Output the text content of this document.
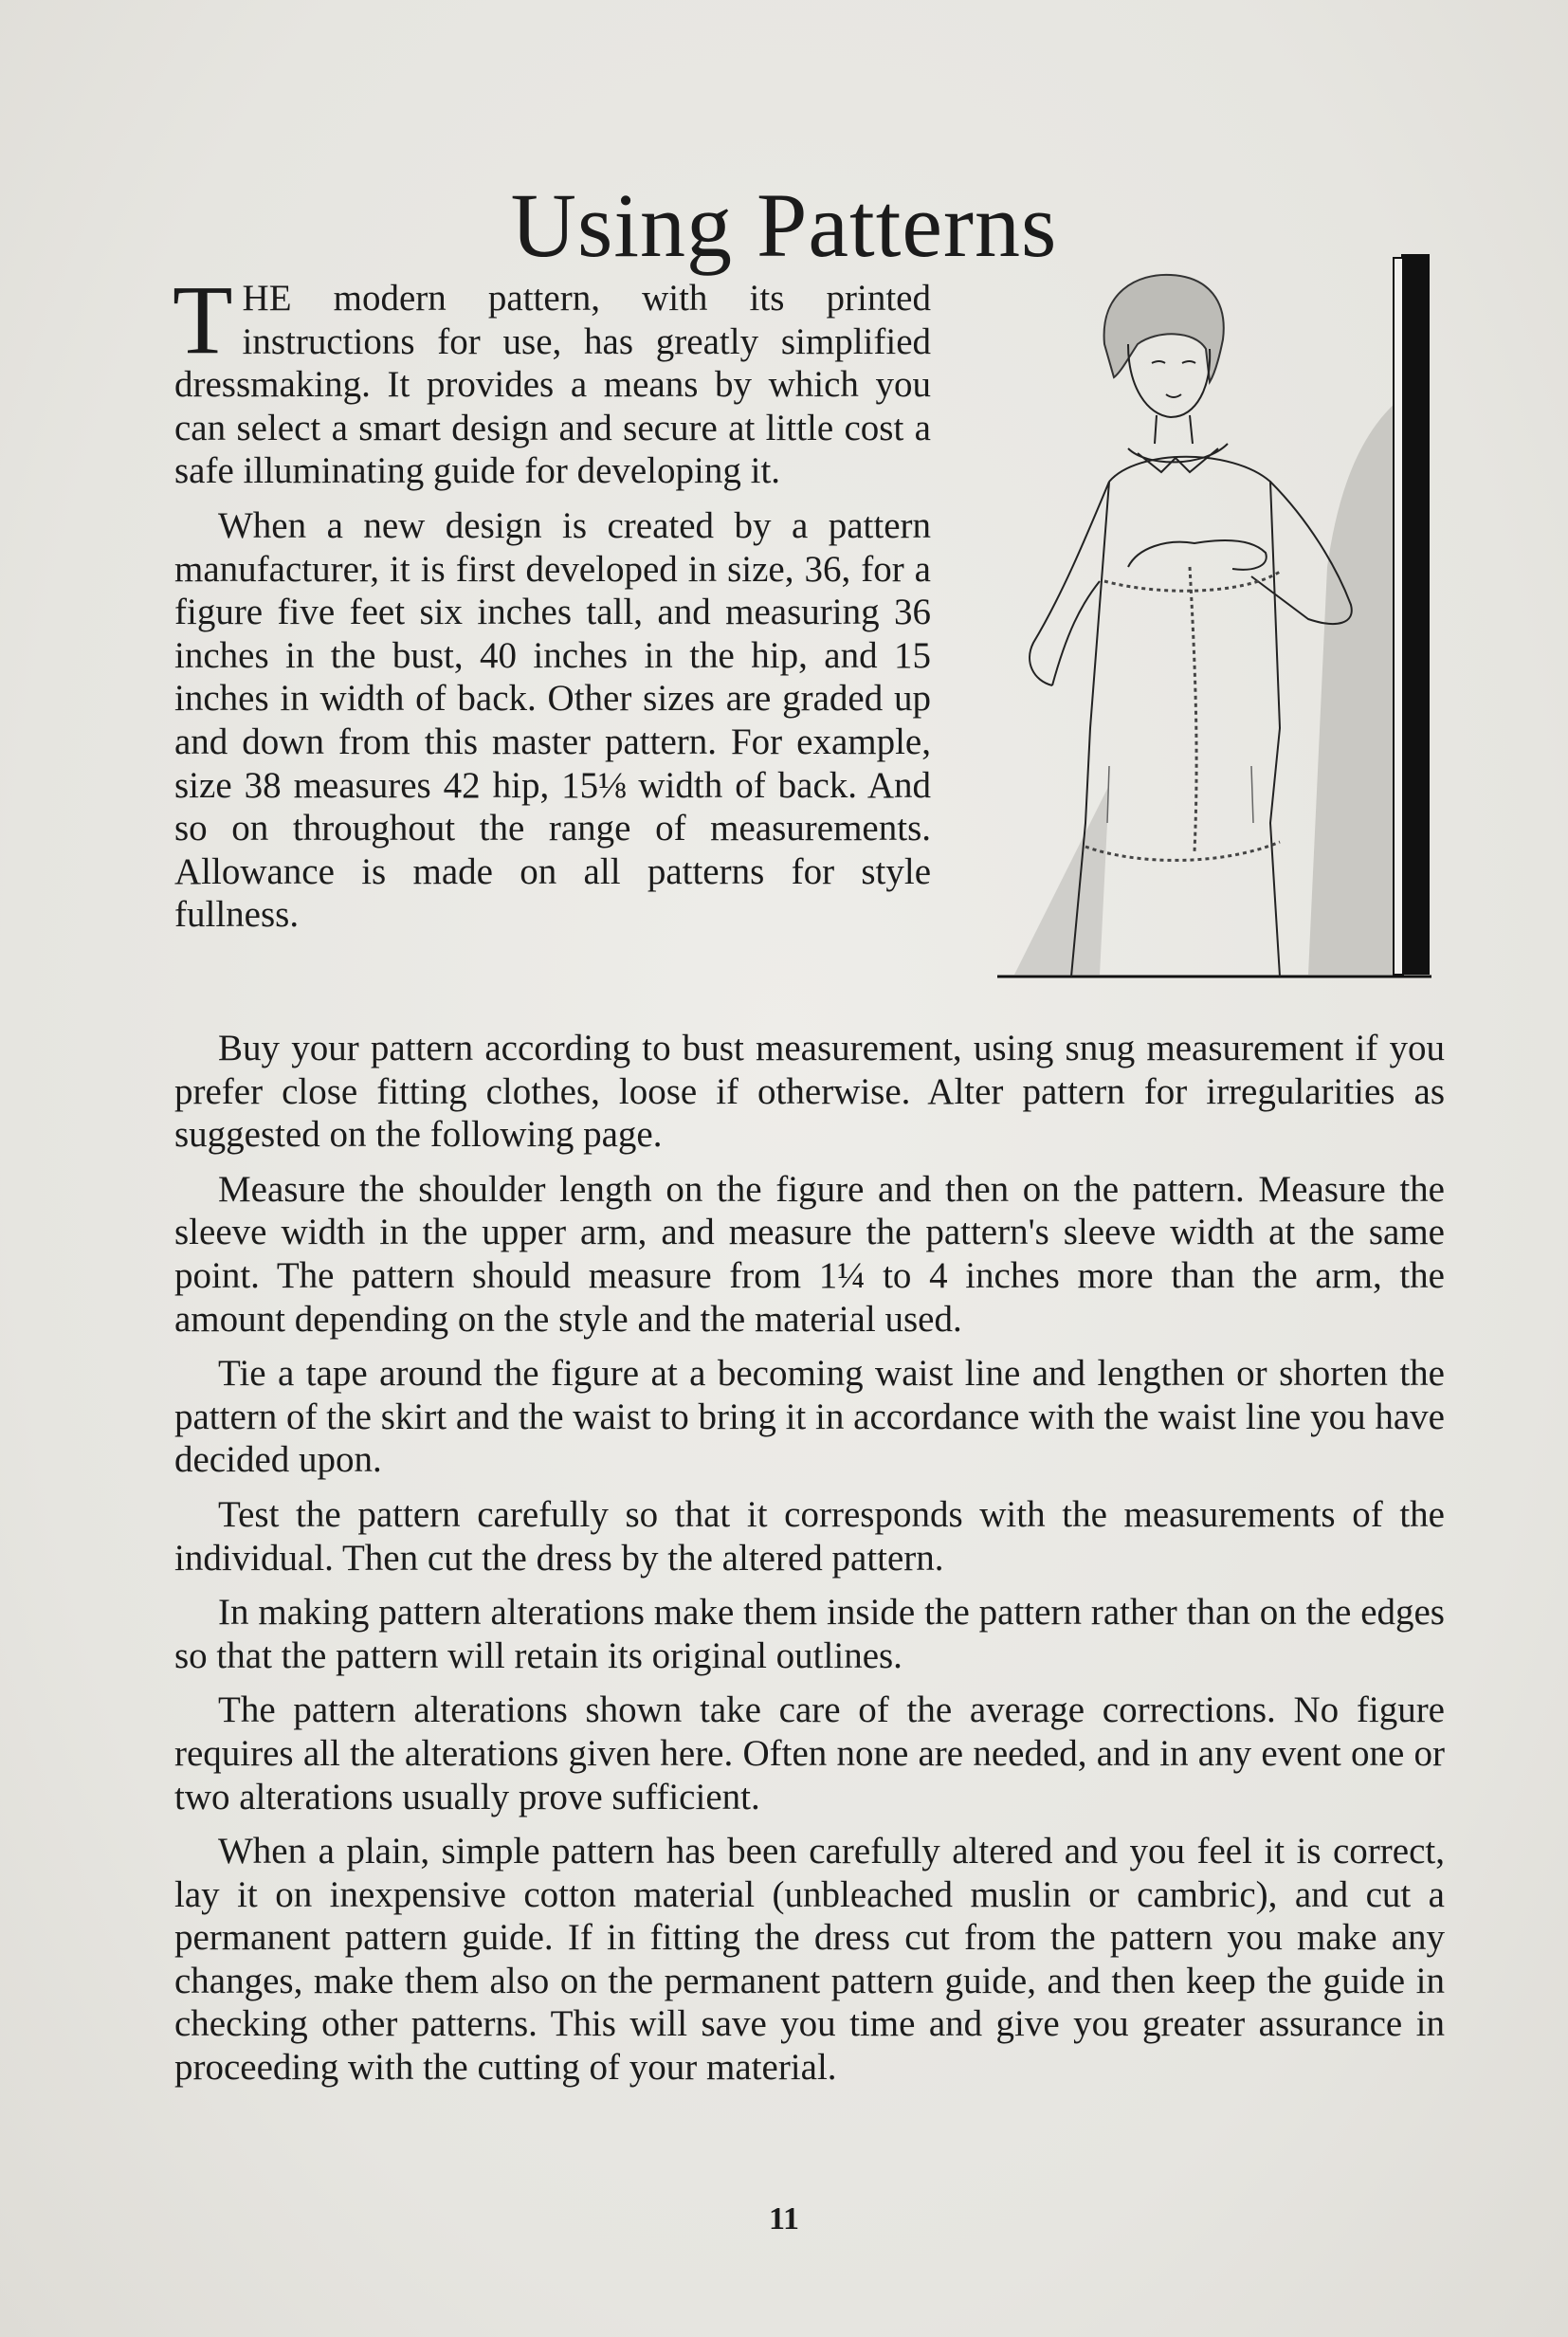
Using Patterns

THE modern pattern, with its printed instructions for use, has greatly simplified dressmaking. It provides a means by which you can select a smart design and secure at little cost a safe illuminating guide for developing it.

When a new design is created by a pattern manufacturer, it is first developed in size, 36, for a figure five feet six inches tall, and measuring 36 inches in the bust, 40 inches in the hip, and 15 inches in width of back. Other sizes are graded up and down from this master pattern. For example, size 38 measures 42 hip, 15⅛ width of back. And so on throughout the range of measurements. Allowance is made on all patterns for style fullness.

Buy your pattern according to bust measurement, using snug measurement if you prefer close fitting clothes, loose if otherwise. Alter pattern for irregularities as suggested on the following page.

Measure the shoulder length on the figure and then on the pattern. Measure the sleeve width in the upper arm, and measure the pattern's sleeve width at the same point. The pattern should measure from 1¼ to 4 inches more than the arm, the amount depending on the style and the material used.

Tie a tape around the figure at a becoming waist line and lengthen or shorten the pattern of the skirt and the waist to bring it in accordance with the waist line you have decided upon.

Test the pattern carefully so that it corresponds with the measurements of the individual. Then cut the dress by the altered pattern.

In making pattern alterations make them inside the pattern rather than on the edges so that the pattern will retain its original outlines.

The pattern alterations shown take care of the average corrections. No figure requires all the alterations given here. Often none are needed, and in any event one or two alterations usually prove sufficient.

When a plain, simple pattern has been carefully altered and you feel it is correct, lay it on inexpensive cotton material (unbleached muslin or cambric), and cut a permanent pattern guide. If in fitting the dress cut from the pattern you make any changes, make them also on the permanent pattern guide, and then keep the guide in checking other patterns. This will save you time and give you greater assurance in proceeding with the cutting of your material.

11
